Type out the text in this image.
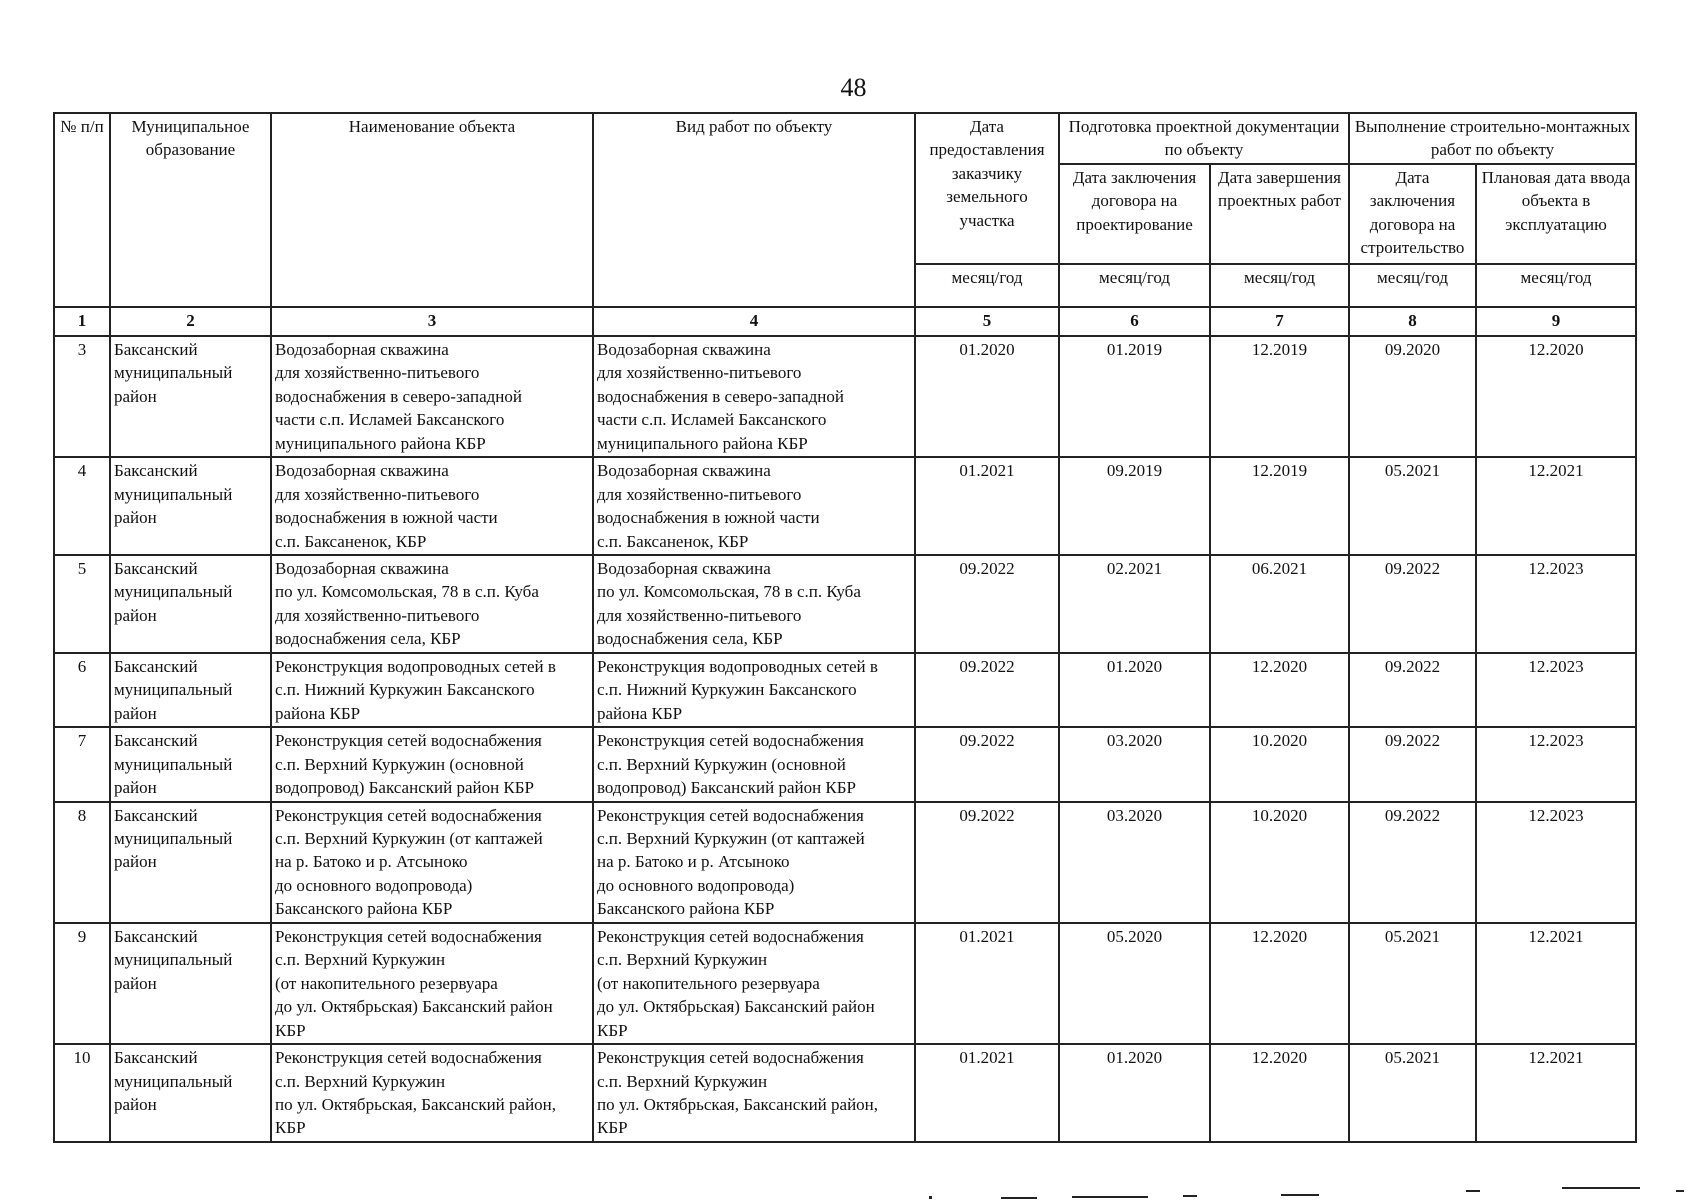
48
№ п/п	Муниципальное образование	Наименование объекта	Вид работ по объекту	Дата предоставления заказчику земельного участка	Подготовка проектной документации по объекту		Выполнение строительно-монтажных работ по объекту	
					Дата заключения договора на проектирование	Дата завершения проектных работ	Дата заключения договора на строительство	Плановая дата ввода объекта в эксплуатацию
				месяц/год	месяц/год	месяц/год	месяц/год	месяц/год
1	2	3	4	5	6	7	8	9
3	Баксанский муниципальный район	Водозаборная скважина
для хозяйственно-питьевого
водоснабжения в северо-западной
части с.п. Исламей Баксанского
муниципального района КБР	Водозаборная скважина
для хозяйственно-питьевого
водоснабжения в северо-западной
части с.п. Исламей Баксанского
муниципального района КБР	01.2020	01.2019	12.2019	09.2020	12.2020
4	Баксанский муниципальный район	Водозаборная скважина
для хозяйственно-питьевого
водоснабжения в южной части
с.п. Баксаненок, КБР	Водозаборная скважина
для хозяйственно-питьевого
водоснабжения в южной части
с.п. Баксаненок, КБР	01.2021	09.2019	12.2019	05.2021	12.2021
5	Баксанский муниципальный район	Водозаборная скважина
по ул. Комсомольская, 78 в с.п. Куба
для хозяйственно-питьевого
водоснабжения села, КБР	Водозаборная скважина
по ул. Комсомольская, 78 в с.п. Куба
для хозяйственно-питьевого
водоснабжения села, КБР	09.2022	02.2021	06.2021	09.2022	12.2023
6	Баксанский муниципальный район	Реконструкция водопроводных сетей в
с.п. Нижний Куркужин Баксанского
района КБР	Реконструкция водопроводных сетей в
с.п. Нижний Куркужин Баксанского
района КБР	09.2022	01.2020	12.2020	09.2022	12.2023
7	Баксанский муниципальный район	Реконструкция сетей водоснабжения
с.п. Верхний Куркужин (основной
водопровод) Баксанский район КБР	Реконструкция сетей водоснабжения
с.п. Верхний Куркужин (основной
водопровод) Баксанский район КБР	09.2022	03.2020	10.2020	09.2022	12.2023
8	Баксанский муниципальный район	Реконструкция сетей водоснабжения
с.п. Верхний Куркужин (от каптажей
на р. Батоко и р. Атсыноко
до основного водопровода)
Баксанского района КБР	Реконструкция сетей водоснабжения
с.п. Верхний Куркужин (от каптажей
на р. Батоко и р. Атсыноко
до основного водопровода)
Баксанского района КБР	09.2022	03.2020	10.2020	09.2022	12.2023
9	Баксанский муниципальный район	Реконструкция сетей водоснабжения
с.п. Верхний Куркужин
(от накопительного резервуара
до ул. Октябрьская) Баксанский район
КБР	Реконструкция сетей водоснабжения
с.п. Верхний Куркужин
(от накопительного резервуара
до ул. Октябрьская) Баксанский район
КБР	01.2021	05.2020	12.2020	05.2021	12.2021
10	Баксанский муниципальный район	Реконструкция сетей водоснабжения
с.п. Верхний Куркужин
по ул. Октябрьская, Баксанский район,
КБР	Реконструкция сетей водоснабжения
с.п. Верхний Куркужин
по ул. Октябрьская, Баксанский район,
КБР	01.2021	01.2020	12.2020	05.2021	12.2021
